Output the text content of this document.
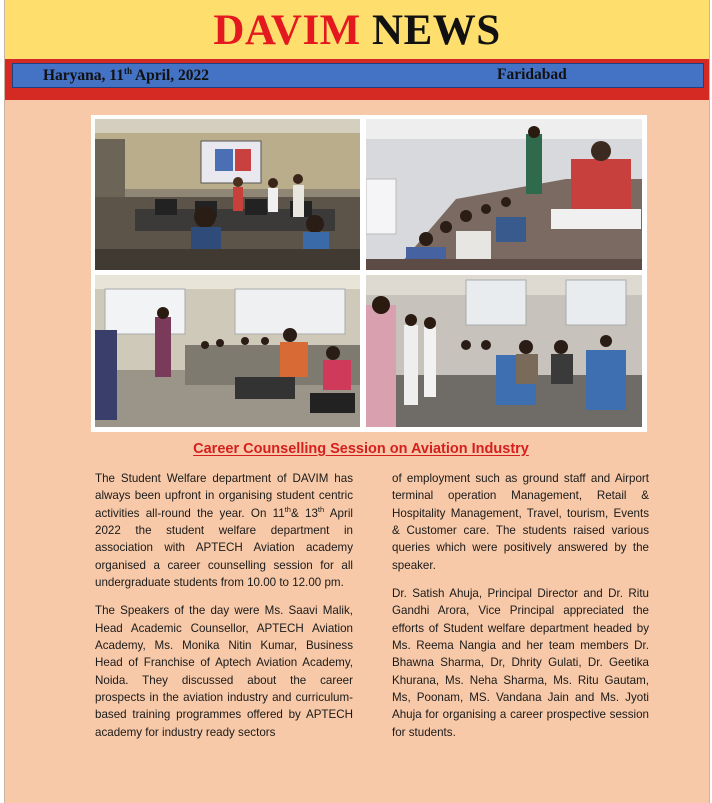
DAVIM NEWS
Haryana, 11th April, 2022	Faridabad
Career Counselling Session on Aviation Industry

The Student Welfare department of DAVIM has always been upfront in organising student centric activities all-round the year. On 11th& 13th April 2022 the student welfare department in association with APTECH Aviation academy organised a career counselling session for all undergraduate students from 10.00 to 12.00 pm.

The Speakers of the day were Ms. Saavi Malik, Head Academic Counsellor, APTECH Aviation Academy, Ms. Monika Nitin Kumar, Business Head of Franchise of Aptech Aviation Academy, Noida. They discussed about the career prospects in the aviation industry and curriculum-based training programmes offered by APTECH academy for industry ready sectors

of employment such as ground staff and Airport terminal operation Management, Retail & Hospitality Management, Travel, tourism, Events & Customer care. The students raised various queries which were positively answered by the speaker.

Dr. Satish Ahuja, Principal Director and Dr. Ritu Gandhi Arora, Vice Principal appreciated the efforts of Student welfare department headed by Ms. Reema Nangia and her team members Dr. Bhawna Sharma, Dr, Dhrity Gulati, Dr. Geetika Khurana, Ms. Neha Sharma, Ms. Ritu Gautam, Ms, Poonam, MS. Vandana Jain and Ms. Jyoti Ahuja for organising a career prospective session for students.
